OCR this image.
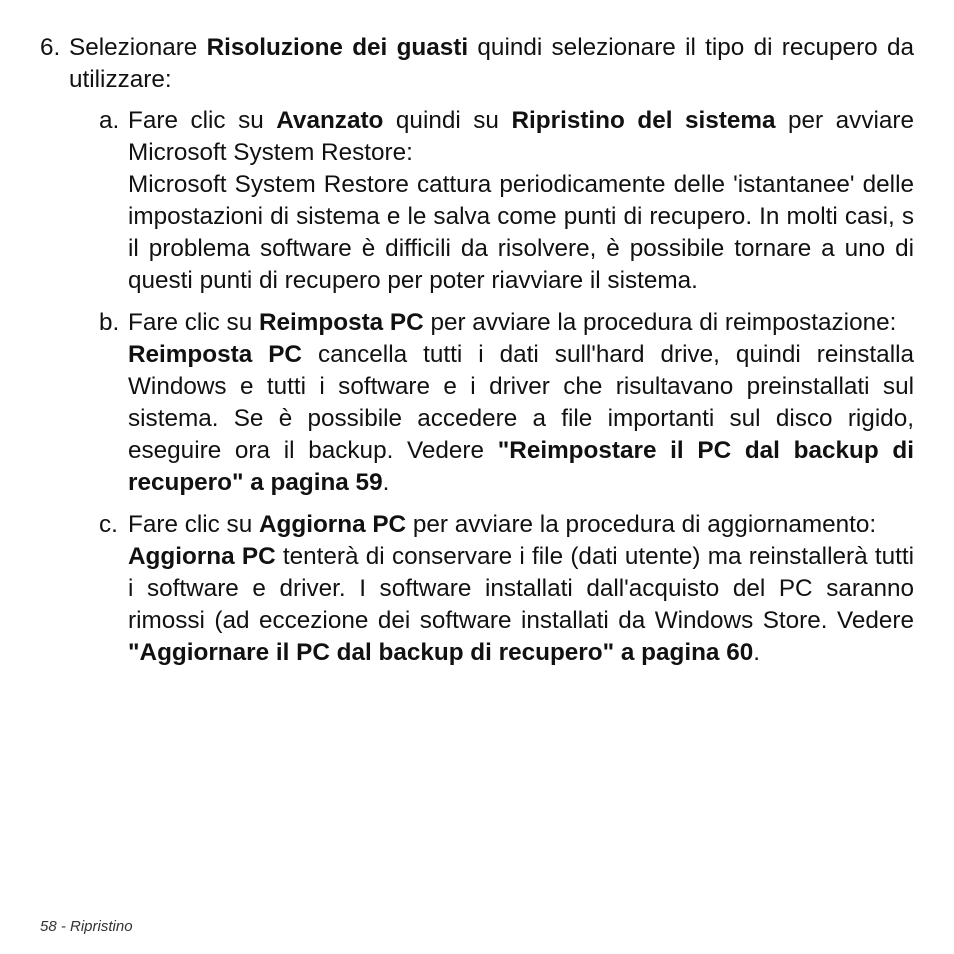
6. Selezionare Risoluzione dei guasti quindi selezionare il tipo di recupero da utilizzare:

a. Fare clic su Avanzato quindi su Ripristino del sistema per avviare Microsoft System Restore:

Microsoft System Restore cattura periodicamente delle 'istantanee' delle impostazioni di sistema e le salva come punti di recupero. In molti casi, s il problema software è difficili da risolvere, è possibile tornare a uno di questi punti di recupero per poter riavviare il sistema.

b. Fare clic su Reimposta PC per avviare la procedura di reimpostazione:

Reimposta PC cancella tutti i dati sull'hard drive, quindi reinstalla Windows e tutti i software e i driver che risultavano preinstallati sul sistema. Se è possibile accedere a file importanti sul disco rigido, eseguire ora il backup. Vedere "Reimpostare il PC dal backup di recupero" a pagina 59.

c. Fare clic su Aggiorna PC per avviare la procedura di aggiornamento:

Aggiorna PC tenterà di conservare i file (dati utente) ma reinstallerà tutti i software e driver. I software installati dall'acquisto del PC saranno rimossi (ad eccezione dei software installati da Windows Store. Vedere "Aggiornare il PC dal backup di recupero" a pagina 60.

58 - Ripristino
